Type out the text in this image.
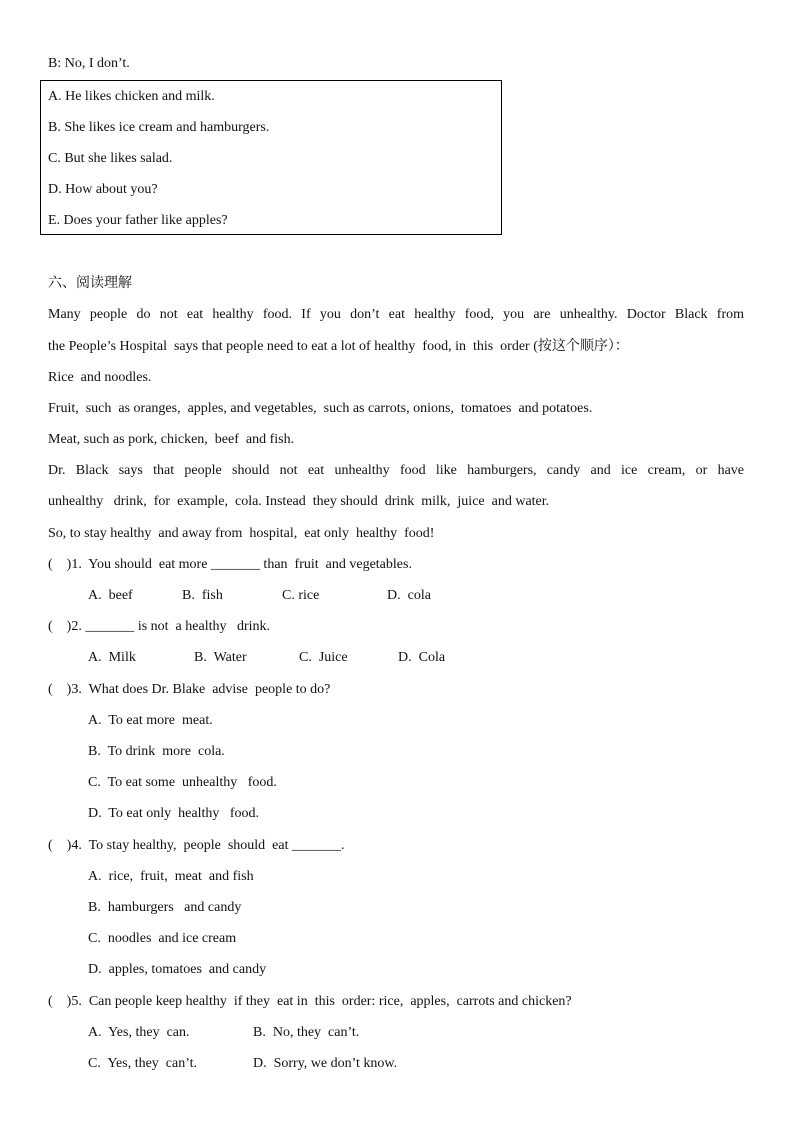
B: No, I don’t.
A. He likes chicken and milk.
B. She likes ice cream and hamburgers.
C. But she likes salad.
D. How about you?
E. Does your father like apples?
六、阅读理解
Many people do not eat healthy food. If you don’t eat healthy food, you are unhealthy. Doctor Black from
the People’s Hospital  says that people need to eat a lot of healthy  food, in  this  order (按这个顺序）：
Rice  and noodles.
Fruit,  such  as oranges,  apples, and vegetables,  such as carrots, onions,  tomatoes  and potatoes.
Meat, such as pork, chicken,  beef  and fish.
Dr. Black says that people should not eat unhealthy food like hamburgers, candy and ice cream, or have
unhealthy   drink,  for  example,  cola. Instead  they should  drink  milk,  juice  and water.
So, to stay healthy  and away from  hospital,  eat only  healthy  food!
(    )1.  You should  eat more _______ than  fruit  and vegetables.
A.  beef	B.  fish	C. rice	D.  cola
(    )2. _______ is not  a healthy   drink.
A.  Milk	B.  Water	C.  Juice	D.  Cola
(    )3.  What does Dr. Blake  advise  people to do?
A.  To eat more  meat.
B.  To drink  more  cola.
C.  To eat some  unhealthy   food.
D.  To eat only  healthy   food.
(    )4.  To stay healthy,  people  should  eat _______.
A.  rice,  fruit,  meat  and fish
B.  hamburgers   and candy
C.  noodles  and ice cream
D.  apples, tomatoes  and candy
(    )5.  Can people keep healthy  if they  eat in  this  order: rice,  apples,  carrots and chicken?
A.  Yes, they  can.	B.  No, they  can’t.
C.  Yes, they  can’t.	D.  Sorry, we don’t know.
